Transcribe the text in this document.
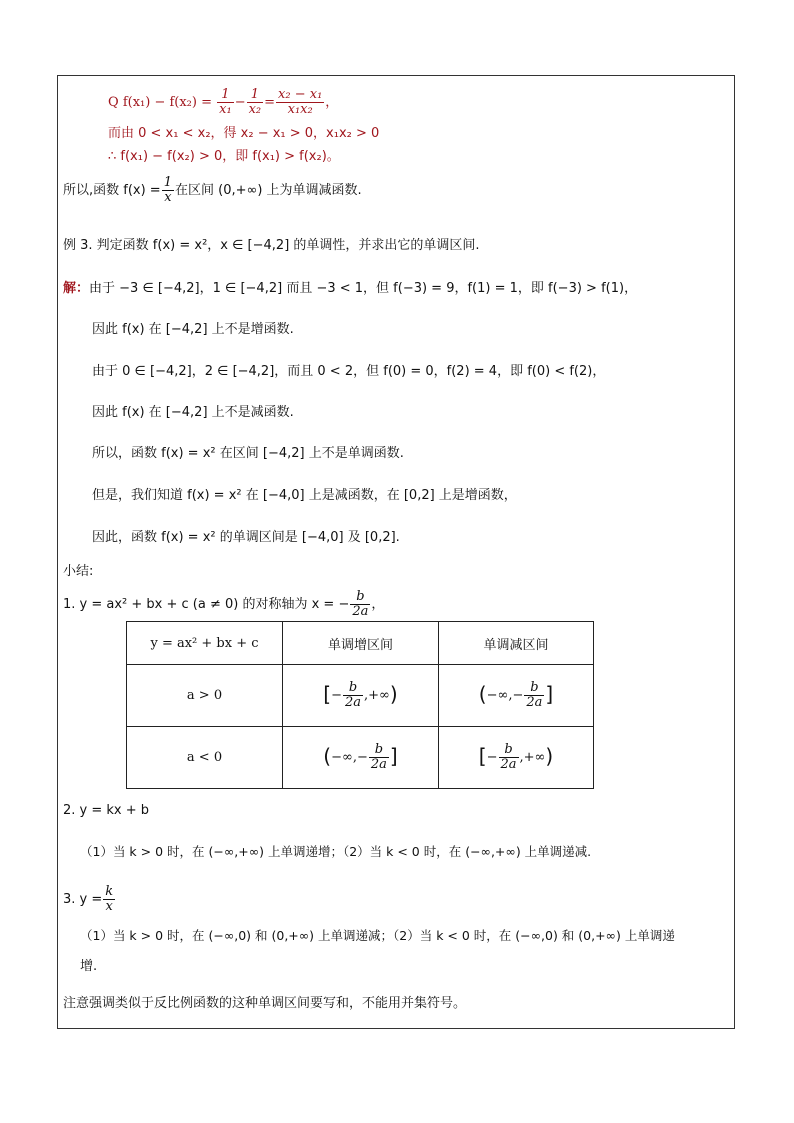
Q $f(x_1) - f(x_2) = \frac{1}{\text{x₁}} - \frac{1}{\text{x₂}} = \frac{\text{x₂ − x₁}}{\text{x₁x₂}}$ ，
而由 0 < x₁ < x₂，得 x₂ − x₁ > 0，x₁x₂ > 0
∴ f(x₁) − f(x₂) > 0，即 f(x₁) > f(x₂)。
所以,函数 $f(x) = \frac{1}{x}$ 在区间 (0,+∞) 上为单调减函数.
例 3. 判定函数 f(x) = x²，x ∈ [−4,2] 的单调性，并求出它的单调区间.
解：由于 −3 ∈ [−4,2]，1 ∈ [−4,2] 而且 −3 < 1，但 f(−3) = 9，f(1) = 1，即 f(−3) > f(1)，
因此 f(x) 在 [−4,2] 上不是增函数.
由于 0 ∈ [−4,2]，2 ∈ [−4,2]，而且 0 < 2，但 f(0) = 0，f(2) = 4，即 f(0) < f(2)，
因此 f(x) 在 [−4,2] 上不是减函数.
所以，函数 f(x) = x² 在区间 [−4,2] 上不是单调函数.
但是，我们知道 f(x) = x² 在 [−4,0] 上是减函数，在 [0,2] 上是增函数，
因此，函数 f(x) = x² 的单调区间是 [−4,0] 及 [0,2].
小结:
1. y = ax² + bx + c (a ≠ 0) 的对称轴为 x = − $\frac{b}{2a}$ ，
y = ax² + bx + c	单调增区间	单调减区间
a > 0	[− $\frac{b}{2a}$ ,+∞)	(−∞,− $\frac{b}{2a}$ ]
a < 0	(−∞,− $\frac{b}{2a}$ ]	[− $\frac{b}{2a}$ ,+∞)
2. y = kx + b
（1）当 k > 0 时，在 (−∞,+∞) 上单调递增；（2）当 k < 0 时，在 (−∞,+∞) 上单调递减.
3. $y = \frac{k}{x}$
（1）当 k > 0 时，在 (−∞,0) 和 (0,+∞) 上单调递减；（2）当 k < 0 时，在 (−∞,0) 和 (0,+∞) 上单调递
增.
注意强调类似于反比例函数的这种单调区间要写和，不能用并集符号。
